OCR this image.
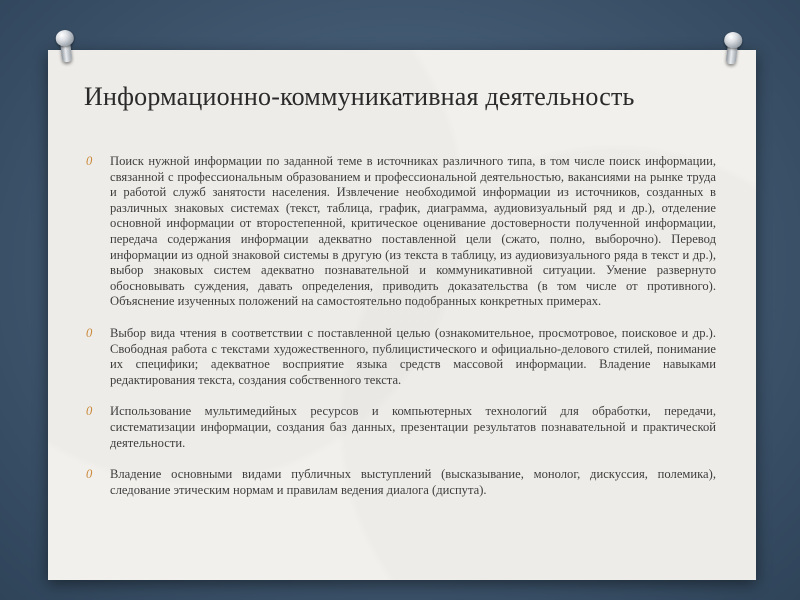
Информационно-коммуникативная деятельность
0 Поиск нужной информации по заданной теме в источниках различного типа, в том числе поиск информации, связанной с профессиональным образованием и профессиональной деятельностью, вакансиями на рынке труда и работой служб занятости населения. Извлечение необходимой информации из источников, созданных в различных знаковых системах (текст, таблица, график, диаграмма, аудиовизуальный ряд и др.), отделение основной информации от второстепенной, критическое оценивание достоверности полученной информации, передача содержания информации адекватно поставленной цели (сжато, полно, выборочно). Перевод информации из одной знаковой системы в другую (из текста в таблицу, из аудиовизуального ряда в текст и др.), выбор знаковых систем адекватно познавательной и коммуникативной ситуации. Умение развернуто обосновывать суждения, давать определения, приводить доказательства (в том числе от противного). Объяснение изученных положений на самостоятельно подобранных конкретных примерах.
0 Выбор вида чтения в соответствии с поставленной целью (ознакомительное, просмотровое, поисковое и др.). Свободная работа с текстами художественного, публицистического и официально-делового стилей, понимание их специфики; адекватное восприятие языка средств массовой информации. Владение навыками редактирования текста, создания собственного текста.
0 Использование мультимедийных ресурсов и компьютерных технологий для обработки, передачи, систематизации информации, создания баз данных, презентации результатов познавательной и практической деятельности.
0 Владение основными видами публичных выступлений (высказывание, монолог, дискуссия, полемика), следование этическим нормам и правилам ведения диалога (диспута).
